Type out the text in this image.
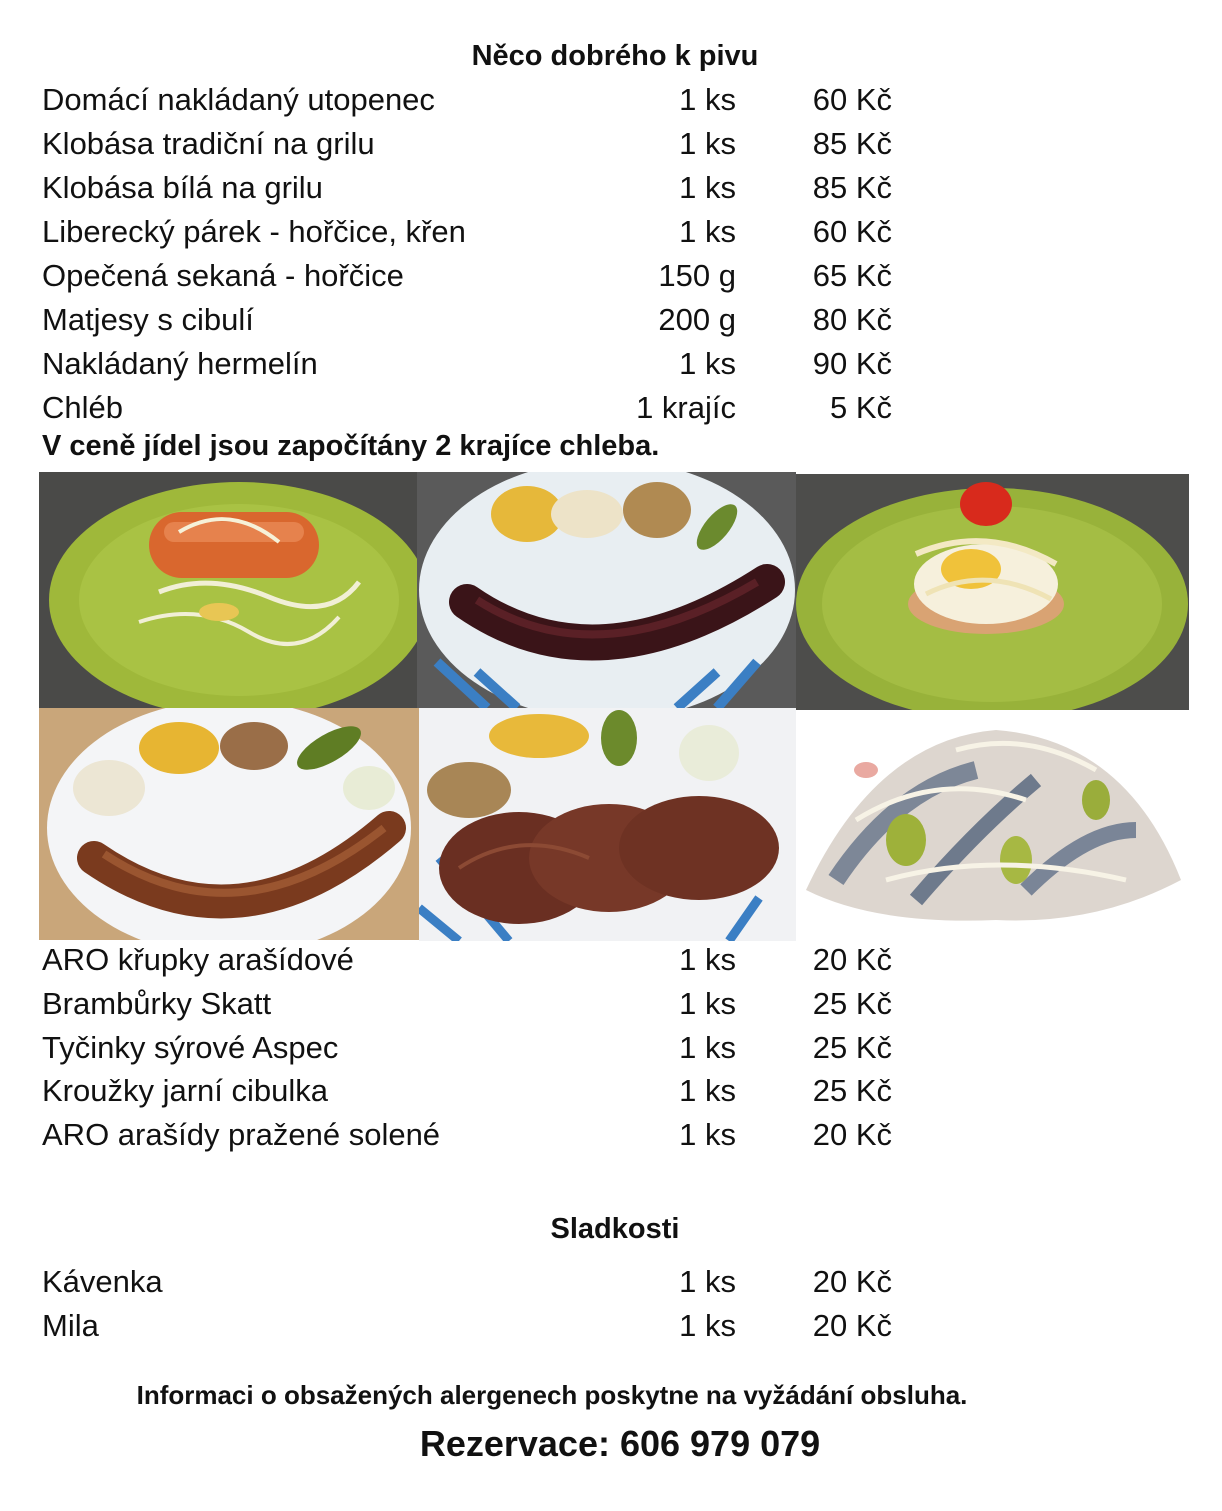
Něco dobrého k pivu
Domácí nakládaný utopenec	1 ks 60 Kč
Klobása tradiční na grilu	1 ks 85 Kč
Klobása bílá na grilu	1 ks 85 Kč
Liberecký párek - hořčice, křen	1 ks 60 Kč
Opečená sekaná - hořčice	150 g 65 Kč
Matjesy s cibulí	200 g 80 Kč
Nakládaný hermelín	1 ks 90 Kč
Chléb	1 krajíc	5 Kč
V ceně jídel jsou započítány 2 krajíce chleba.
ARO křupky arašídové	1 ks 20 Kč
Brambůrky Skatt	1 ks 25 Kč
Tyčinky sýrové Aspec	1 ks 25 Kč
Kroužky jarní cibulka	1 ks 25 Kč
ARO arašídy pražené solené	1 ks 20 Kč
Sladkosti
Kávenka	1 ks 20 Kč
Mila	1 ks 20 Kč
Informaci o obsažených alergenech poskytne na vyžádání obsluha.
Rezervace: 606 979 079
